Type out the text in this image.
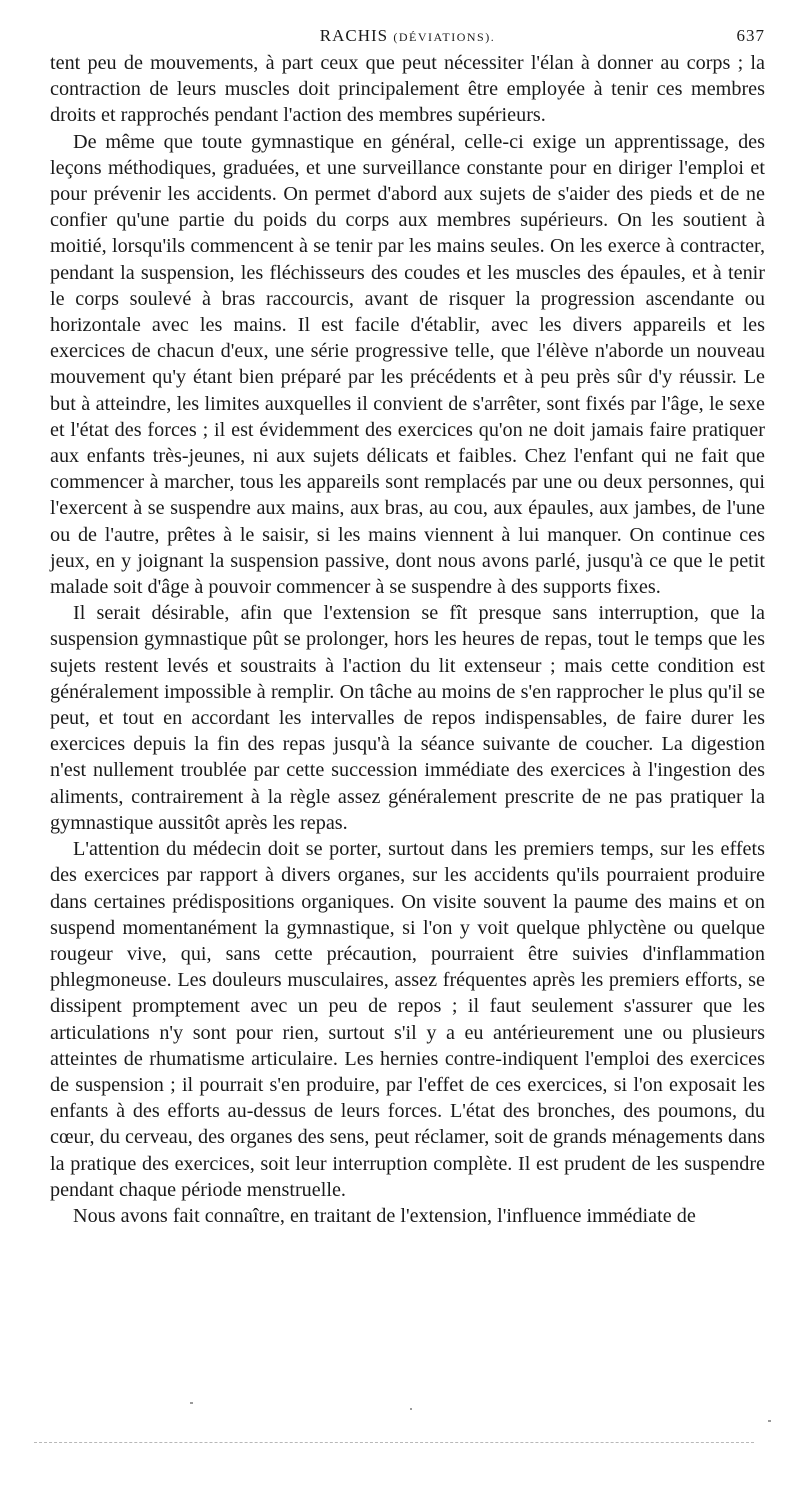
RACHIS (DÉVIATIONS).	637

tent peu de mouvements, à part ceux que peut nécessiter l'élan à donner au corps ; la contraction de leurs muscles doit principalement être employée à tenir ces membres droits et rapprochés pendant l'action des membres supérieurs.

De même que toute gymnastique en général, celle-ci exige un apprentissage, des leçons méthodiques, graduées, et une surveillance constante pour en diriger l'emploi et pour prévenir les accidents. On permet d'abord aux sujets de s'aider des pieds et de ne confier qu'une partie du poids du corps aux membres supérieurs. On les soutient à moitié, lorsqu'ils commencent à se tenir par les mains seules. On les exerce à contracter, pendant la suspension, les fléchisseurs des coudes et les muscles des épaules, et à tenir le corps soulevé à bras raccourcis, avant de risquer la progression ascendante ou horizontale avec les mains. Il est facile d'établir, avec les divers appareils et les exercices de chacun d'eux, une série progressive telle, que l'élève n'aborde un nouveau mouvement qu'y étant bien préparé par les précédents et à peu près sûr d'y réussir. Le but à atteindre, les limites auxquelles il convient de s'arrêter, sont fixés par l'âge, le sexe et l'état des forces ; il est évidemment des exercices qu'on ne doit jamais faire pratiquer aux enfants très-jeunes, ni aux sujets délicats et faibles. Chez l'enfant qui ne fait que commencer à marcher, tous les appareils sont remplacés par une ou deux personnes, qui l'exercent à se suspendre aux mains, aux bras, au cou, aux épaules, aux jambes, de l'une ou de l'autre, prêtes à le saisir, si les mains viennent à lui manquer. On continue ces jeux, en y joignant la suspension passive, dont nous avons parlé, jusqu'à ce que le petit malade soit d'âge à pouvoir commencer à se suspendre à des supports fixes.

Il serait désirable, afin que l'extension se fît presque sans interruption, que la suspension gymnastique pût se prolonger, hors les heures de repas, tout le temps que les sujets restent levés et soustraits à l'action du lit extenseur ; mais cette condition est généralement impossible à remplir. On tâche au moins de s'en rapprocher le plus qu'il se peut, et tout en accordant les intervalles de repos indispensables, de faire durer les exercices depuis la fin des repas jusqu'à la séance suivante de coucher. La digestion n'est nullement troublée par cette succession immédiate des exercices à l'ingestion des aliments, contrairement à la règle assez généralement prescrite de ne pas pratiquer la gymnastique aussitôt après les repas.

L'attention du médecin doit se porter, surtout dans les premiers temps, sur les effets des exercices par rapport à divers organes, sur les accidents qu'ils pourraient produire dans certaines prédispositions organiques. On visite souvent la paume des mains et on suspend momentanément la gymnastique, si l'on y voit quelque phlyctène ou quelque rougeur vive, qui, sans cette précaution, pourraient être suivies d'inflammation phlegmoneuse. Les douleurs musculaires, assez fréquentes après les premiers efforts, se dissipent promptement avec un peu de repos ; il faut seulement s'assurer que les articulations n'y sont pour rien, surtout s'il y a eu antérieurement une ou plusieurs atteintes de rhumatisme articulaire. Les hernies contre-indiquent l'emploi des exercices de suspension ; il pourrait s'en produire, par l'effet de ces exercices, si l'on exposait les enfants à des efforts au-dessus de leurs forces. L'état des bronches, des poumons, du cœur, du cerveau, des organes des sens, peut réclamer, soit de grands ménagements dans la pratique des exercices, soit leur interruption complète. Il est prudent de les suspendre pendant chaque période menstruelle.

Nous avons fait connaître, en traitant de l'extension, l'influence immédiate de
